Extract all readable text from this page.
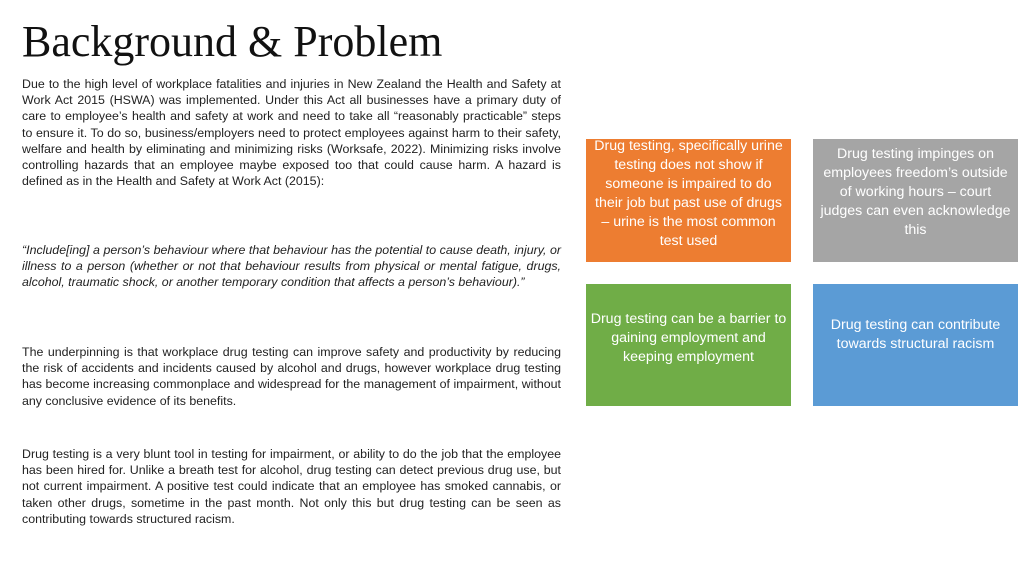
Background & Problem

Due to the high level of workplace fatalities and injuries in New Zealand the Health and Safety at Work Act 2015 (HSWA) was implemented. Under this Act all businesses have a primary duty of care to employee’s health and safety at work and need to take all “reasonably practicable” steps to ensure it. To do so, business/employers need to protect employees against harm to their safety, welfare and health by eliminating and minimizing risks (Worksafe, 2022). Minimizing risks involve controlling hazards that an employee maybe exposed too that could cause harm. A hazard is defined as in the Health and Safety at Work Act (2015):

“Include[ing] a person’s behaviour where that behaviour has the potential to cause death, injury, or illness to a person (whether or not that behaviour results from physical or mental fatigue, drugs, alcohol, traumatic shock, or another temporary condition that affects a person’s behaviour).”

The underpinning is that workplace drug testing can improve safety and productivity by reducing the risk of accidents and incidents caused by alcohol and drugs, however workplace drug testing has become increasing commonplace and widespread for the management of impairment, without any conclusive evidence of its benefits.

Drug testing is a very blunt tool in testing for impairment, or ability to do the job that the employee has been hired for. Unlike a breath test for alcohol, drug testing can detect previous drug use, but not current impairment. A positive test could indicate that an employee has smoked cannabis, or taken other drugs, sometime in the past month. Not only this but drug testing can be seen as contributing towards structured racism.

Drug testing, specifically urine testing does not show if someone is impaired to do their job but past use of drugs – urine is the most common test used
Drug testing impinges on employees freedom’s outside of working hours – court judges can even acknowledge this
Drug testing can be a barrier to gaining employment and keeping employment
Drug testing can contribute towards structural racism
